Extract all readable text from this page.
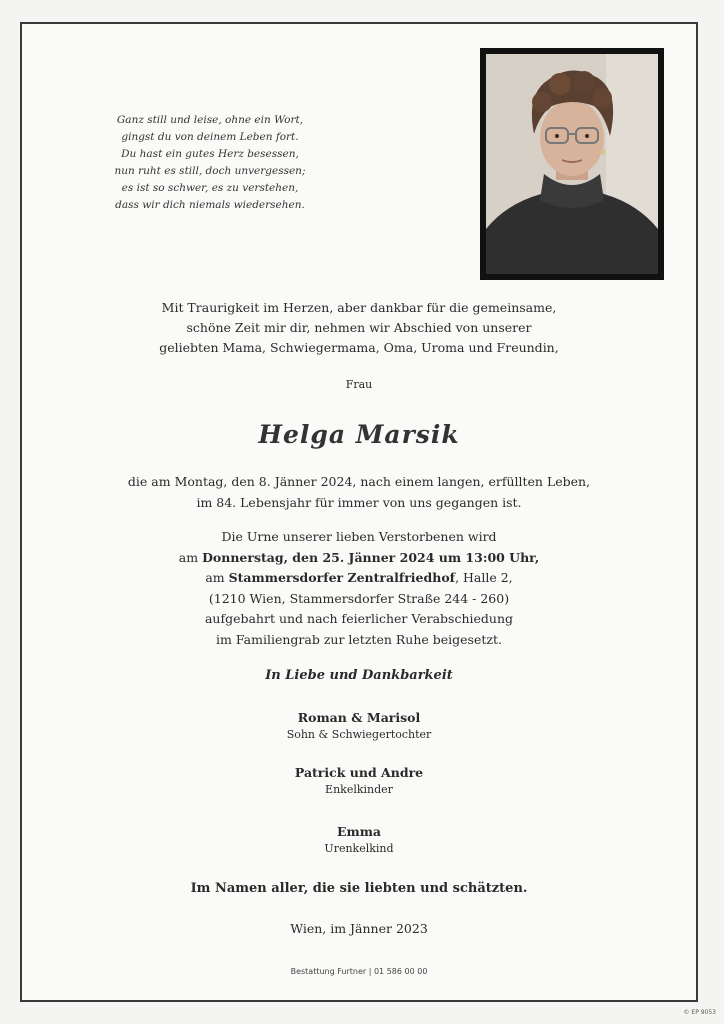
Ganz still und leise, ohne ein Wort,
gingst du von deinem Leben fort.
Du hast ein gutes Herz besessen,
nun ruht es still, doch unvergessen;
es ist so schwer, es zu verstehen,
dass wir dich niemals wiedersehen.
Mit Traurigkeit im Herzen, aber dankbar für die gemeinsame,
schöne Zeit mir dir, nehmen wir Abschied von unserer
geliebten Mama, Schwiegermama, Oma, Uroma und Freundin,
Frau
Helga Marsik
die am Montag, den 8. Jänner 2024, nach einem langen, erfüllten Leben,
im 84. Lebensjahr für immer von uns gegangen ist.
Die Urne unserer lieben Verstorbenen wird
am Donnerstag, den 25. Jänner 2024 um 13:00 Uhr,
am Stammersdorfer Zentralfriedhof, Halle 2,
(1210 Wien, Stammersdorfer Straße 244 - 260)
aufgebahrt und nach feierlicher Verabschiedung
im Familiengrab zur letzten Ruhe beigesetzt.
In Liebe und Dankbarkeit
Roman & Marisol
Sohn & Schwiegertochter
Patrick und Andre
Enkelkinder
Emma
Urenkelkind
Im Namen aller, die sie liebten und schätzten.
Wien, im Jänner 2023
Bestattung Furtner | 01 586 00 00
© EP 9053
